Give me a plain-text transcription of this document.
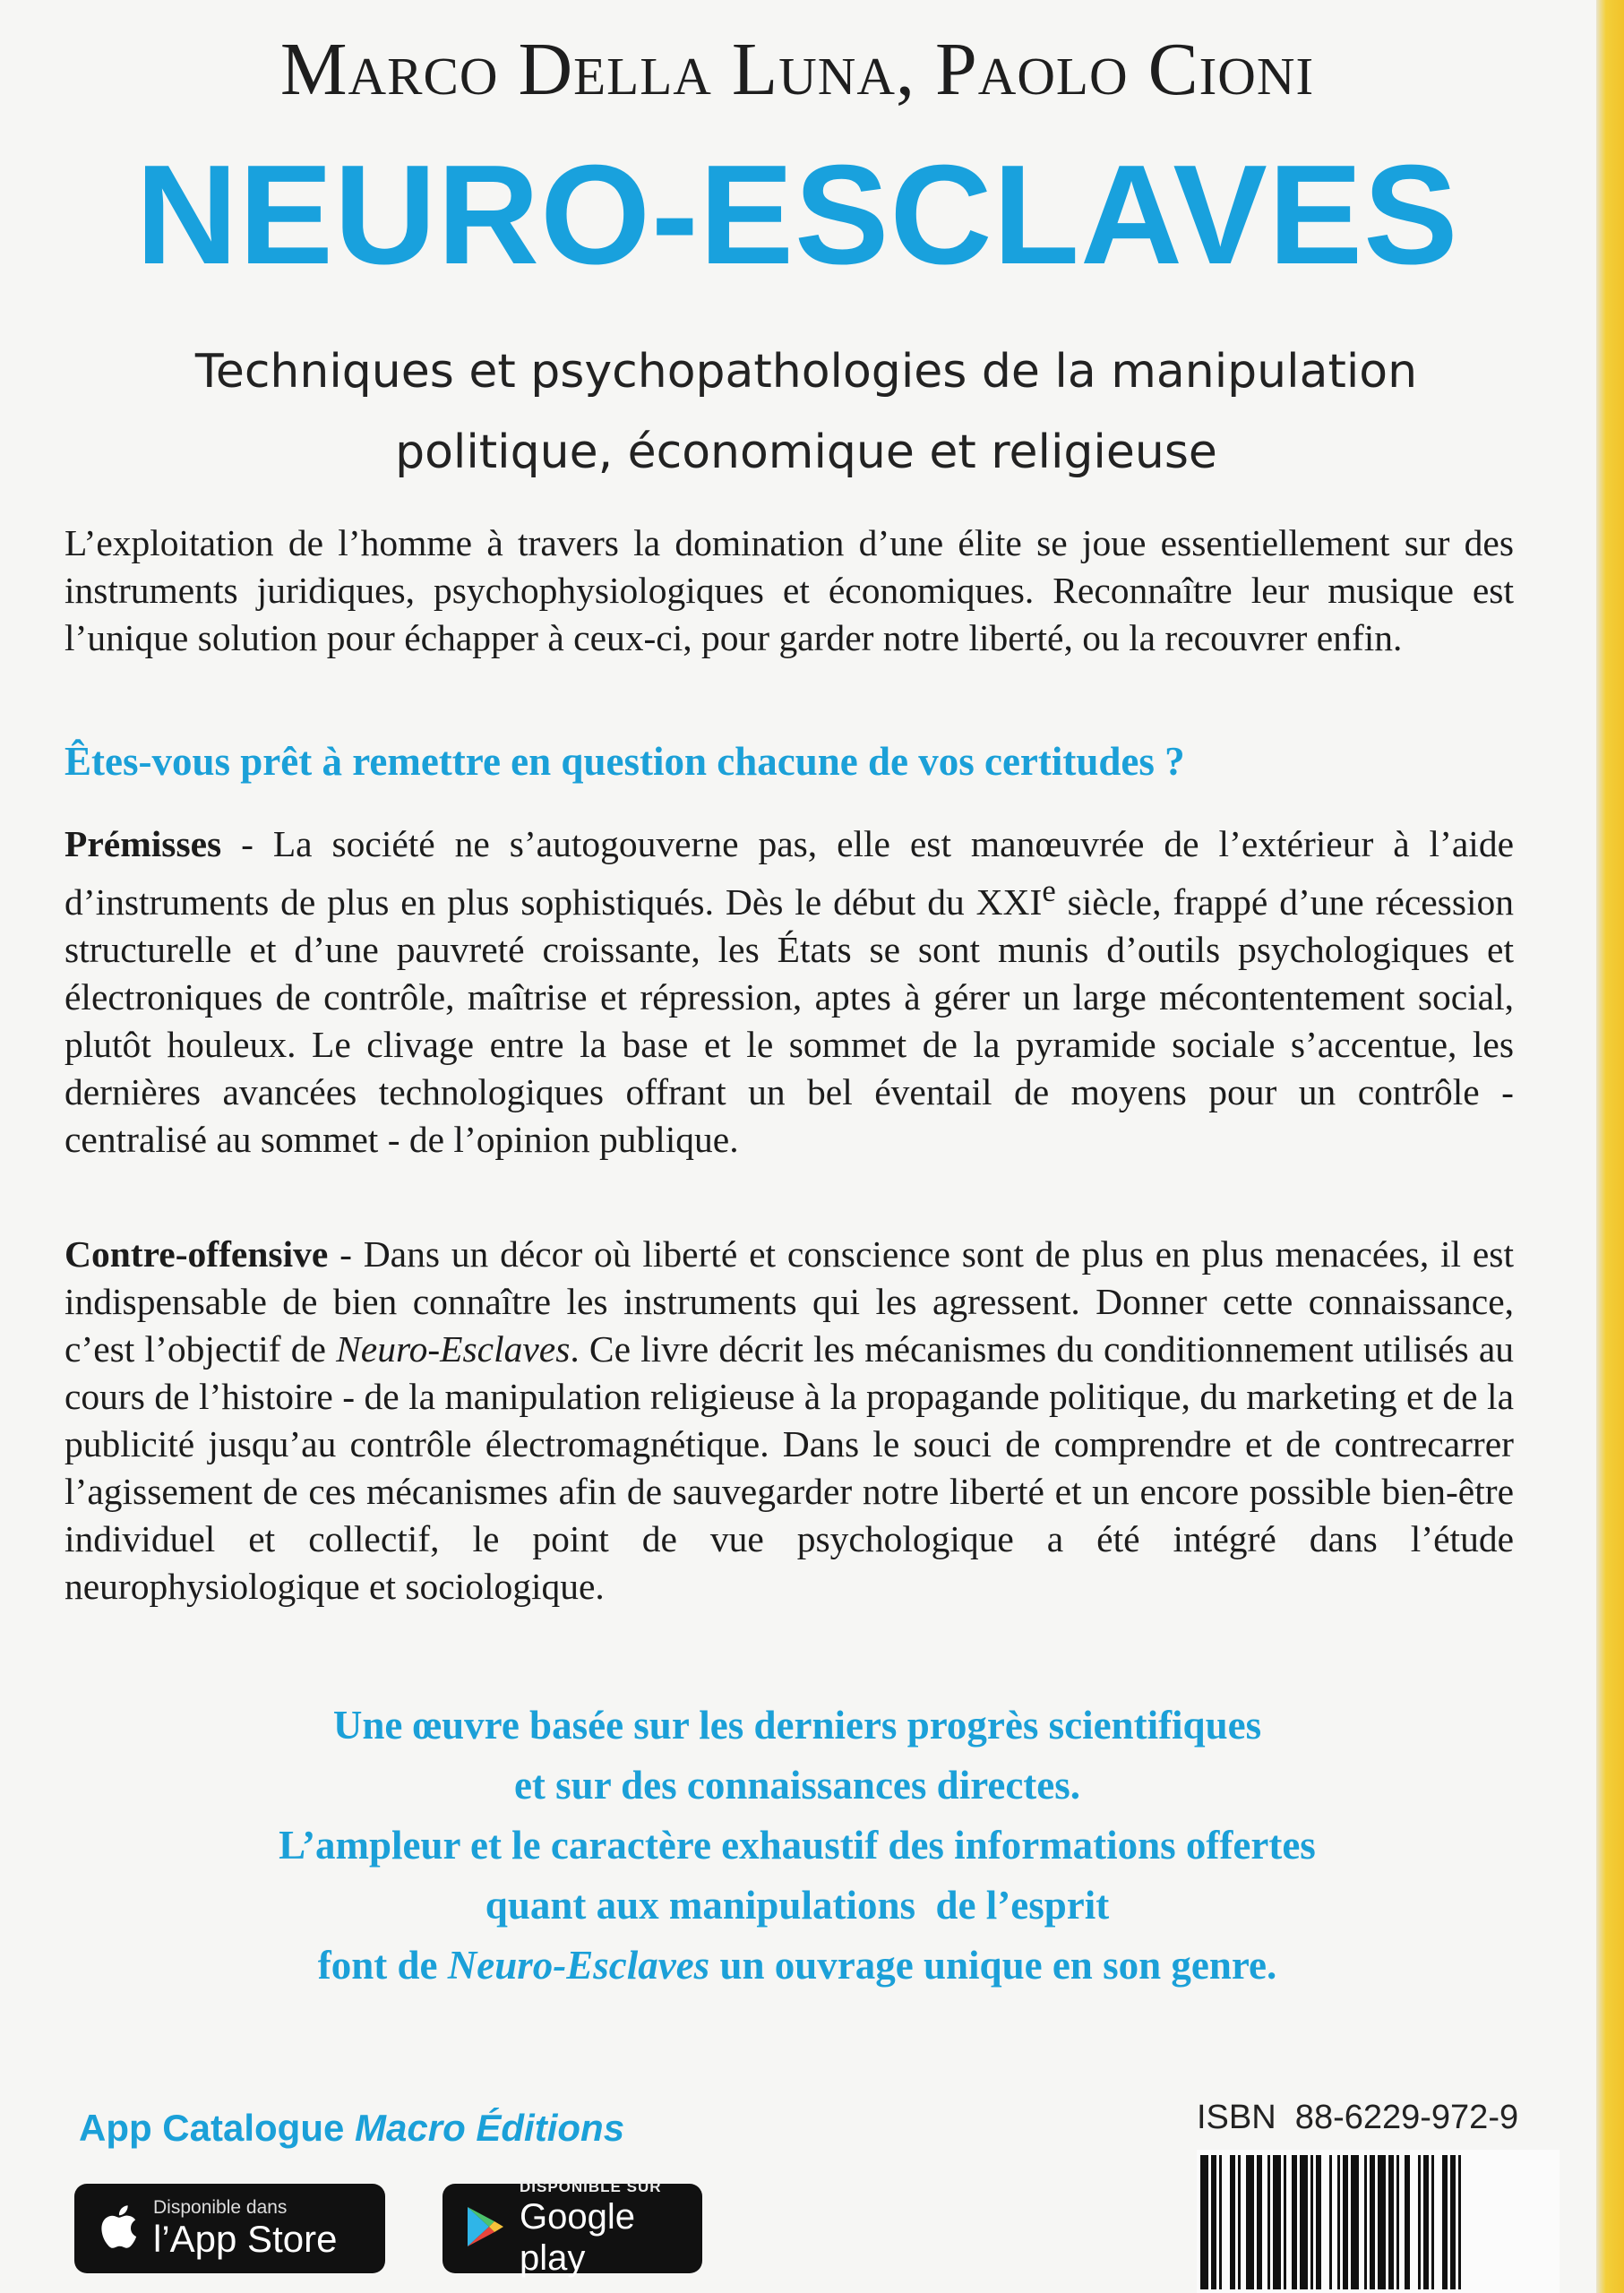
Marco Della Luna, Paolo Cioni
NEURO-ESCLAVES
Techniques et psychopathologies de la manipulation
politique, économique et religieuse
L’exploitation de l’homme à travers la domination d’une élite se joue essentiellement sur des instruments juridiques, psychophysiologiques et économiques. Reconnaître leur musique est l’unique solution pour échapper à ceux-ci, pour garder notre liberté, ou la recouvrer enfin.
Êtes-vous prêt à remettre en question chacune de vos certitudes ?
Prémisses - La société ne s’autogouverne pas, elle est manœuvrée de l’extérieur à l’aide d’instruments de plus en plus sophistiqués. Dès le début du XXIe siècle, frappé d’une récession structurelle et d’une pauvreté croissante, les États se sont munis d’outils psychologiques et électroniques de contrôle, maîtrise et répression, aptes à gérer un large mécontentement social, plutôt houleux. Le clivage entre la base et le sommet de la pyramide sociale s’accentue, les dernières avancées technologiques offrant un bel éventail de moyens pour un contrôle - centralisé au sommet - de l’opinion publique.
Contre-offensive - Dans un décor où liberté et conscience sont de plus en plus menacées, il est indispensable de bien connaître les instruments qui les agressent. Donner cette connaissance, c’est l’objectif de Neuro-Esclaves. Ce livre décrit les mécanismes du conditionnement utilisés au cours de l’histoire - de la manipulation religieuse à la propagande politique, du marketing et de la publicité jusqu’au contrôle électromagnétique. Dans le souci de comprendre et de contrecarrer l’agissement de ces mécanismes afin de sauvegarder notre liberté et un encore possible bien-être individuel et collectif, le point de vue psychologique a été intégré dans l’étude neurophysiologique et sociologique.
Une œuvre basée sur les derniers progrès scientifiques
et sur des connaissances directes.
L’ampleur et le caractère exhaustif des informations offertes
quant aux manipulations  de l’esprit
font de Neuro-Esclaves un ouvrage unique en son genre.
App Catalogue Macro Éditions
Disponible dans
l’App Store
DISPONIBLE SUR
Google play
ISBN  88-6229-972-9
